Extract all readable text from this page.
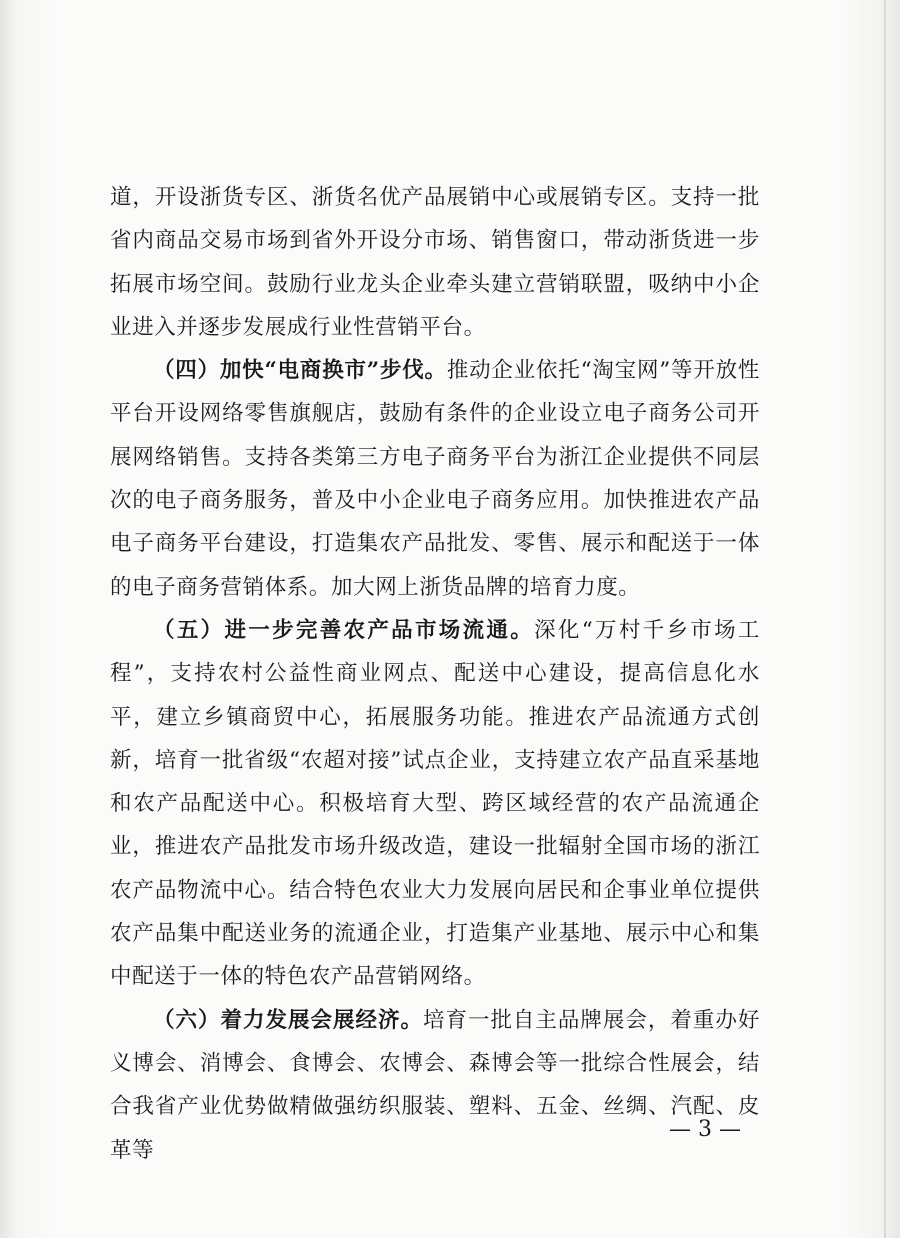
道，开设浙货专区、浙货名优产品展销中心或展销专区。支持一批省内商品交易市场到省外开设分市场、销售窗口，带动浙货进一步拓展市场空间。鼓励行业龙头企业牵头建立营销联盟，吸纳中小企业进入并逐步发展成行业性营销平台。

（四）加快“电商换市”步伐。推动企业依托“淘宝网”等开放性平台开设网络零售旗舰店，鼓励有条件的企业设立电子商务公司开展网络销售。支持各类第三方电子商务平台为浙江企业提供不同层次的电子商务服务，普及中小企业电子商务应用。加快推进农产品电子商务平台建设，打造集农产品批发、零售、展示和配送于一体的电子商务营销体系。加大网上浙货品牌的培育力度。

（五）进一步完善农产品市场流通。深化“万村千乡市场工程”，支持农村公益性商业网点、配送中心建设，提高信息化水平，建立乡镇商贸中心，拓展服务功能。推进农产品流通方式创新，培育一批省级“农超对接”试点企业，支持建立农产品直采基地和农产品配送中心。积极培育大型、跨区域经营的农产品流通企业，推进农产品批发市场升级改造，建设一批辐射全国市场的浙江农产品物流中心。结合特色农业大力发展向居民和企事业单位提供农产品集中配送业务的流通企业，打造集产业基地、展示中心和集中配送于一体的特色农产品营销网络。

（六）着力发展会展经济。培育一批自主品牌展会，着重办好义博会、消博会、食博会、农博会、森博会等一批综合性展会，结合我省产业优势做精做强纺织服装、塑料、五金、丝绸、汽配、皮革等

— 3 —
